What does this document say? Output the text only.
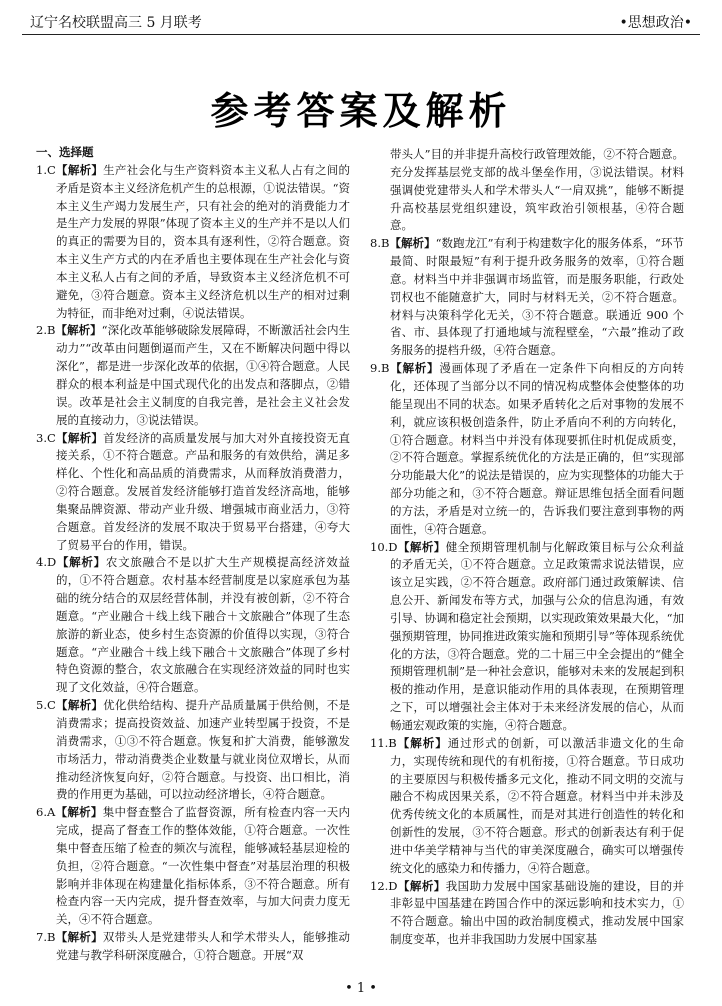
辽宁名校联盟高三 5 月联考	•思想政治•
参考答案及解析
一、选择题

1.C【解析】生产社会化与生产资料资本主义私人占有之间的矛盾是资本主义经济危机产生的总根源，①说法错误。“资本主义生产竭力发展生产，只有社会的绝对的消费能力才是生产力发展的界限”体现了资本主义的生产并不是以人们的真正的需要为目的，资本具有逐利性，②符合题意。资本主义生产方式的内在矛盾也主要体现在生产社会化与资本主义私人占有之间的矛盾，导致资本主义经济危机不可避免，③符合题意。资本主义经济危机以生产的相对过剩为特征，而非绝对过剩，④说法错误。

2.B【解析】“深化改革能够破除发展障碍，不断激活社会内生动力”“改革由问题倒逼而产生，又在不断解决问题中得以深化”，都是进一步深化改革的依据，①④符合题意。人民群众的根本利益是中国式现代化的出发点和落脚点，②错误。改革是社会主义制度的自我完善，是社会主义社会发展的直接动力，③说法错误。

3.C【解析】首发经济的高质量发展与加大对外直接投资无直接关系，①不符合题意。产品和服务的有效供给，满足多样化、个性化和高品质的消费需求，从而释放消费潜力，②符合题意。发展首发经济能够打造首发经济高地，能够集聚品牌资源、带动产业升级、增强城市商业活力，③符合题意。首发经济的发展不取决于贸易平台搭建，④夸大了贸易平台的作用，错误。

4.D【解析】农文旅融合不是以扩大生产规模提高经济效益的，①不符合题意。农村基本经营制度是以家庭承包为基础的统分结合的双层经营体制，并没有被创新，②不符合题意。“产业融合＋线上线下融合＋文旅融合”体现了生态旅游的新业态，使乡村生态资源的价值得以实现，③符合题意。“产业融合＋线上线下融合＋文旅融合”体现了乡村特色资源的整合，农文旅融合在实现经济效益的同时也实现了文化效益，④符合题意。

5.C【解析】优化供给结构、提升产品质量属于供给侧，不是消费需求；提高投资效益、加速产业转型属于投资，不是消费需求，①③不符合题意。恢复和扩大消费，能够激发市场活力，带动消费类企业数量与就业岗位双增长，从而推动经济恢复向好，②符合题意。与投资、出口相比，消费的作用更为基础，可以拉动经济增长，④符合题意。

6.A【解析】集中督查整合了监督资源，所有检查内容一天内完成，提高了督查工作的整体效能，①符合题意。一次性集中督查压缩了检查的频次与流程，能够减轻基层迎检的负担，②符合题意。“一次性集中督查”对基层治理的积极影响并非体现在构建量化指标体系，③不符合题意。所有检查内容一天内完成，提升督查效率，与加大问责力度无关，④不符合题意。

7.B【解析】双带头人是党建带头人和学术带头人，能够推动党建与教学科研深度融合，①符合题意。开展“双

带头人”目的并非提升高校行政管理效能，②不符合题意。充分发挥基层党支部的战斗堡垒作用，③说法错误。材料强调使党建带头人和学术带头人“一肩双挑”，能够不断提升高校基层党组织建设，筑牢政治引领根基，④符合题意。

8.B【解析】“数跑龙江”有利于构建数字化的服务体系，“环节最简、时限最短”有利于提升政务服务的效率，①符合题意。材料当中并非强调市场监管，而是服务职能，行政处罚权也不能随意扩大，同时与材料无关，②不符合题意。材料与决策科学化无关，③不符合题意。联通近 900 个省、市、县体现了打通地域与流程壁垒，“六最”推动了政务服务的提档升级，④符合题意。

9.B【解析】漫画体现了矛盾在一定条件下向相反的方向转化，还体现了当部分以不同的情况构成整体会使整体的功能呈现出不同的状态。如果矛盾转化之后对事物的发展不利，就应该积极创造条件，防止矛盾向不利的方向转化，①符合题意。材料当中并没有体现要抓住时机促成质变，②不符合题意。掌握系统优化的方法是正确的，但“实现部分功能最大化”的说法是错误的，应为实现整体的功能大于部分功能之和，③不符合题意。辩证思维包括全面看问题的方法，矛盾是对立统一的，告诉我们要注意到事物的两面性，④符合题意。

10.D【解析】健全预期管理机制与化解政策目标与公众利益的矛盾无关，①不符合题意。立足政策需求说法错误，应该立足实践，②不符合题意。政府部门通过政策解读、信息公开、新闻发布等方式，加强与公众的信息沟通，有效引导、协调和稳定社会预期，以实现政策效果最大化，“加强预期管理，协同推进政策实施和预期引导”等体现系统优化的方法，③符合题意。党的二十届三中全会提出的“健全预期管理机制”是一种社会意识，能够对未来的发展起到积极的推动作用，是意识能动作用的具体表现，在预期管理之下，可以增强社会主体对于未来经济发展的信心，从而畅通宏观政策的实施，④符合题意。

11.B【解析】通过形式的创新，可以激活非遗文化的生命力，实现传统和现代的有机衔接，①符合题意。节日成功的主要原因与积极传播多元文化，推动不同文明的交流与融合不构成因果关系，②不符合题意。材料当中并未涉及优秀传统文化的本质属性，而是对其进行创造性的转化和创新性的发展，③不符合题意。形式的创新表达有利于促进中华美学精神与当代的审美深度融合，确实可以增强传统文化的感染力和传播力，④符合题意。

12.D【解析】我国助力发展中国家基础设施的建设，目的并非彰显中国基建在跨国合作中的深远影响和技术实力，①不符合题意。输出中国的政治制度模式，推动发展中国家制度变革，也并非我国助力发展中国家基

• 1 •
